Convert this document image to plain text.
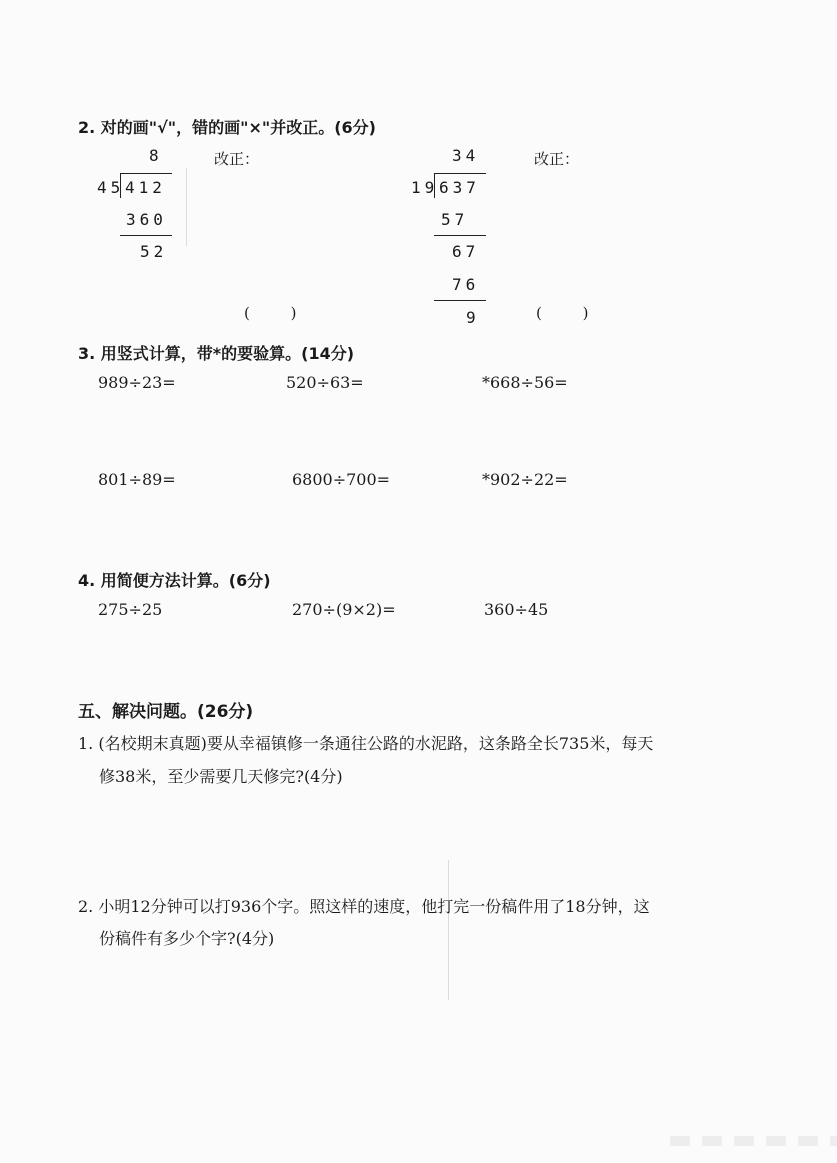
2. 对的画"√"，错的画"×"并改正。(6分)
8	改正：
45 412
360
52
( )
34	改正：
19 637
57
67
76
9	( )
3. 用竖式计算，带*的要验算。(14分)
989÷23=	520÷63=	*668÷56=
801÷89=	6800÷700=	*902÷22=
4. 用简便方法计算。(6分)
275÷25	270÷(9×2)=	360÷45
五、解决问题。(26分)
1. (名校期末真题)要从幸福镇修一条通往公路的水泥路，这条路全长735米，每天
修38米，至少需要几天修完?(4分)
2. 小明12分钟可以打936个字。照这样的速度，他打完一份稿件用了18分钟，这
份稿件有多少个字?(4分)
